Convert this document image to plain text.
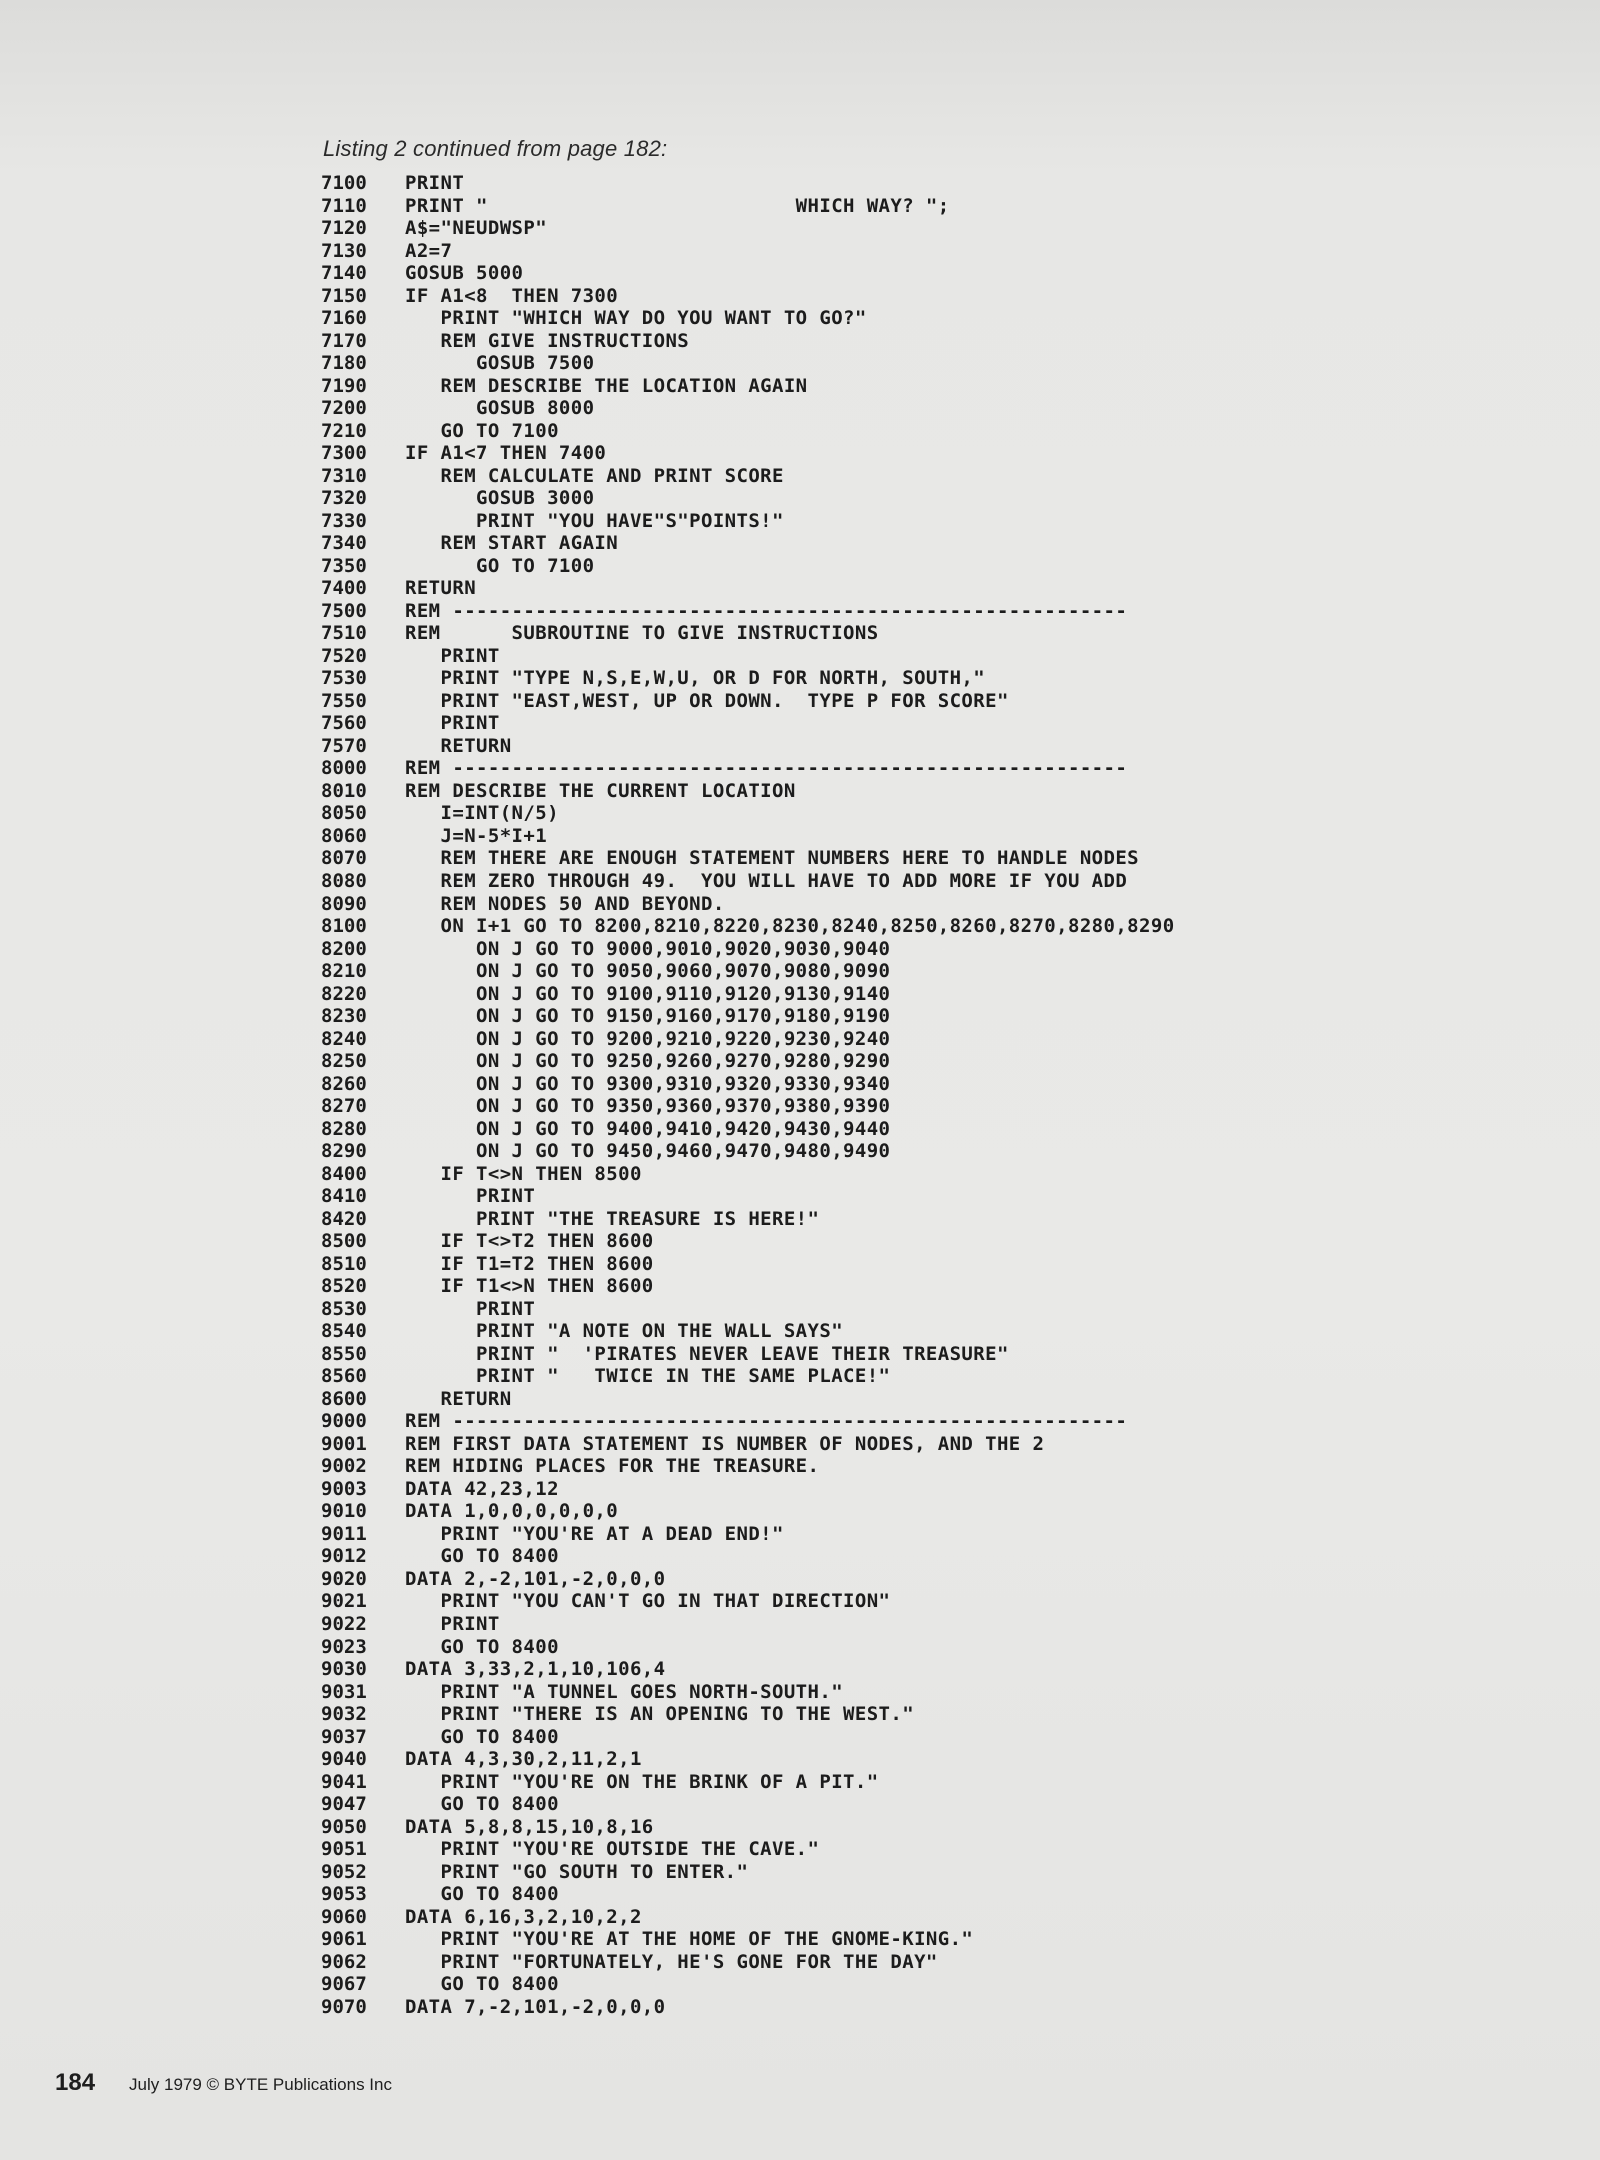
Listing 2 continued from page 182:
7100	PRINT
7110	PRINT "                          WHICH WAY? ";
7120	A$="NEUDWSP"
7130	A2=7
7140	GOSUB 5000
7150	IF A1<8  THEN 7300
7160	PRINT "WHICH WAY DO YOU WANT TO GO?"
7170	REM GIVE INSTRUCTIONS
7180	GOSUB 7500
7190	REM DESCRIBE THE LOCATION AGAIN
7200	GOSUB 8000
7210	GO TO 7100
7300	IF A1<7 THEN 7400
7310	REM CALCULATE AND PRINT SCORE
7320	GOSUB 3000
7330	PRINT "YOU HAVE"S"POINTS!"
7340	REM START AGAIN
7350	GO TO 7100
7400	RETURN
7500	REM ---------------------------------------------------------
7510	REM      SUBROUTINE TO GIVE INSTRUCTIONS
7520	PRINT
7530	PRINT "TYPE N,S,E,W,U, OR D FOR NORTH, SOUTH,"
7550	PRINT "EAST,WEST, UP OR DOWN.  TYPE P FOR SCORE"
7560	PRINT
7570	RETURN
8000	REM ---------------------------------------------------------
8010	REM DESCRIBE THE CURRENT LOCATION
8050	I=INT(N/5)
8060	J=N-5*I+1
8070	REM THERE ARE ENOUGH STATEMENT NUMBERS HERE TO HANDLE NODES
8080	REM ZERO THROUGH 49.  YOU WILL HAVE TO ADD MORE IF YOU ADD
8090	REM NODES 50 AND BEYOND.
8100	ON I+1 GO TO 8200,8210,8220,8230,8240,8250,8260,8270,8280,8290
8200	ON J GO TO 9000,9010,9020,9030,9040
8210	ON J GO TO 9050,9060,9070,9080,9090
8220	ON J GO TO 9100,9110,9120,9130,9140
8230	ON J GO TO 9150,9160,9170,9180,9190
8240	ON J GO TO 9200,9210,9220,9230,9240
8250	ON J GO TO 9250,9260,9270,9280,9290
8260	ON J GO TO 9300,9310,9320,9330,9340
8270	ON J GO TO 9350,9360,9370,9380,9390
8280	ON J GO TO 9400,9410,9420,9430,9440
8290	ON J GO TO 9450,9460,9470,9480,9490
8400	IF T<>N THEN 8500
8410	PRINT
8420	PRINT "THE TREASURE IS HERE!"
8500	IF T<>T2 THEN 8600
8510	IF T1=T2 THEN 8600
8520	IF T1<>N THEN 8600
8530	PRINT
8540	PRINT "A NOTE ON THE WALL SAYS"
8550	PRINT "  'PIRATES NEVER LEAVE THEIR TREASURE"
8560	PRINT "   TWICE IN THE SAME PLACE!"
8600	RETURN
9000	REM ---------------------------------------------------------
9001	REM FIRST DATA STATEMENT IS NUMBER OF NODES, AND THE 2
9002	REM HIDING PLACES FOR THE TREASURE.
9003	DATA 42,23,12
9010	DATA 1,0,0,0,0,0,0
9011	PRINT "YOU'RE AT A DEAD END!"
9012	GO TO 8400
9020	DATA 2,-2,101,-2,0,0,0
9021	PRINT "YOU CAN'T GO IN THAT DIRECTION"
9022	PRINT
9023	GO TO 8400
9030	DATA 3,33,2,1,10,106,4
9031	PRINT "A TUNNEL GOES NORTH-SOUTH."
9032	PRINT "THERE IS AN OPENING TO THE WEST."
9037	GO TO 8400
9040	DATA 4,3,30,2,11,2,1
9041	PRINT "YOU'RE ON THE BRINK OF A PIT."
9047	GO TO 8400
9050	DATA 5,8,8,15,10,8,16
9051	PRINT "YOU'RE OUTSIDE THE CAVE."
9052	PRINT "GO SOUTH TO ENTER."
9053	GO TO 8400
9060	DATA 6,16,3,2,10,2,2
9061	PRINT "YOU'RE AT THE HOME OF THE GNOME-KING."
9062	PRINT "FORTUNATELY, HE'S GONE FOR THE DAY"
9067	GO TO 8400
9070	DATA 7,-2,101,-2,0,0,0
184 July 1979 © BYTE Publications Inc
